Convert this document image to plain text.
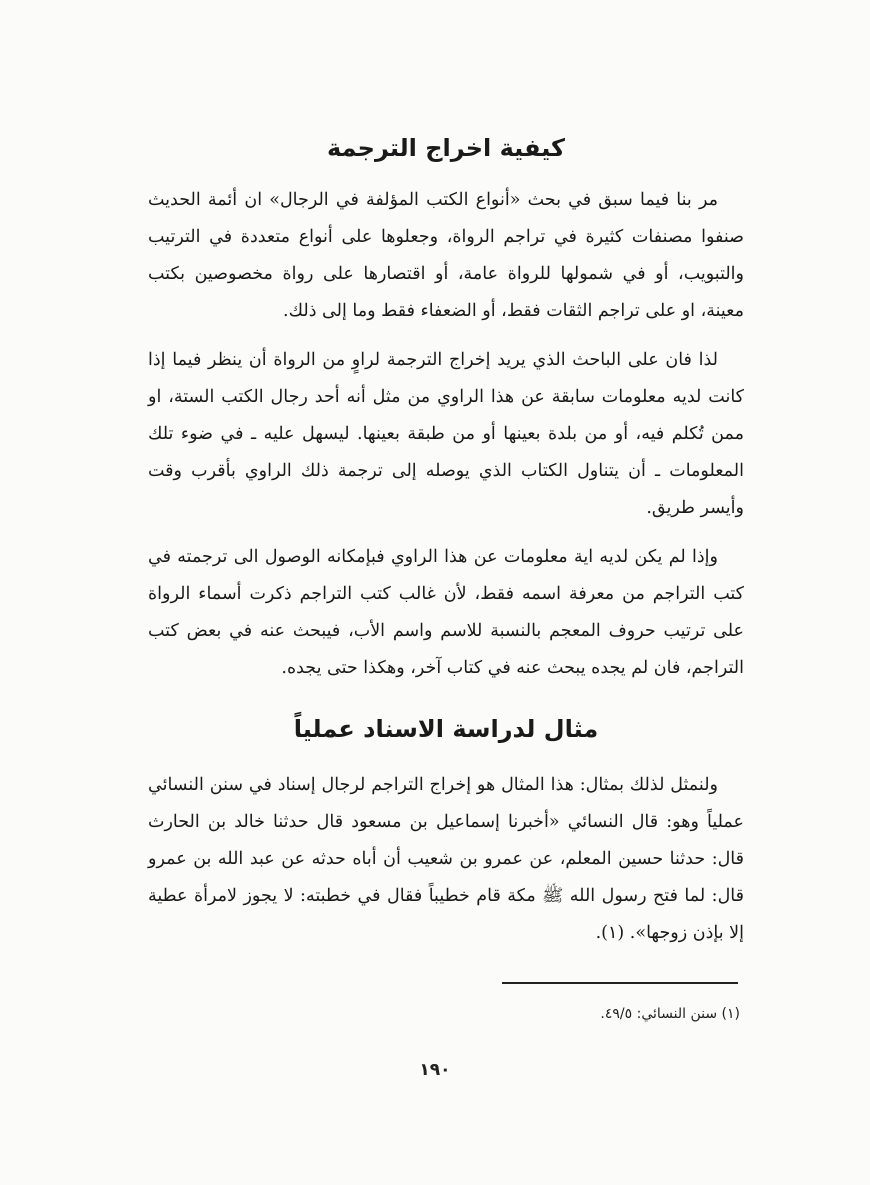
كيفية اخراج الترجمة

مر بنا فيما سبق في بحث «أنواع الكتب المؤلفة في الرجال» ان أئمة الحديث صنفوا مصنفات كثيرة في تراجم الرواة، وجعلوها على أنواع متعددة في الترتيب والتبويب، أو في شمولها للرواة عامة، أو اقتصارها على رواة مخصوصين بكتب معينة، او على تراجم الثقات فقط، أو الضعفاء فقط وما إلى ذلك.

لذا فان على الباحث الذي يريد إخراج الترجمة لراوٍ من الرواة أن ينظر فيما إذا كانت لديه معلومات سابقة عن هذا الراوي من مثل أنه أحد رجال الكتب الستة، او ممن تُكلم فيه، أو من بلدة بعينها أو من طبقة بعينها. ليسهل عليه ـ في ضوء تلك المعلومات ـ أن يتناول الكتاب الذي يوصله إلى ترجمة ذلك الراوي بأقرب وقت وأيسر طريق.

وإذا لم يكن لديه اية معلومات عن هذا الراوي فبإمكانه الوصول الى ترجمته في كتب التراجم من معرفة اسمه فقط، لأن غالب كتب التراجم ذكرت أسماء الرواة على ترتيب حروف المعجم بالنسبة للاسم واسم الأب، فيبحث عنه في بعض كتب التراجم، فان لم يجده يبحث عنه في كتاب آخر، وهكذا حتى يجده.

مثال لدراسة الاسناد عملياً

ولنمثل لذلك بمثال: هذا المثال هو إخراج التراجم لرجال إسناد في سنن النسائي عملياً وهو: قال النسائي «أخبرنا إسماعيل بن مسعود قال حدثنا خالد بن الحارث قال: حدثنا حسين المعلم، عن عمرو بن شعيب أن أباه حدثه عن عبد الله بن عمرو قال: لما فتح رسول الله ﷺ مكة قام خطيباً فقال في خطبته: لا يجوز لامرأة عطية إلا بإذن زوجها». (١).

(١) سنن النسائي: ٤٩/٥.
١٩٠
